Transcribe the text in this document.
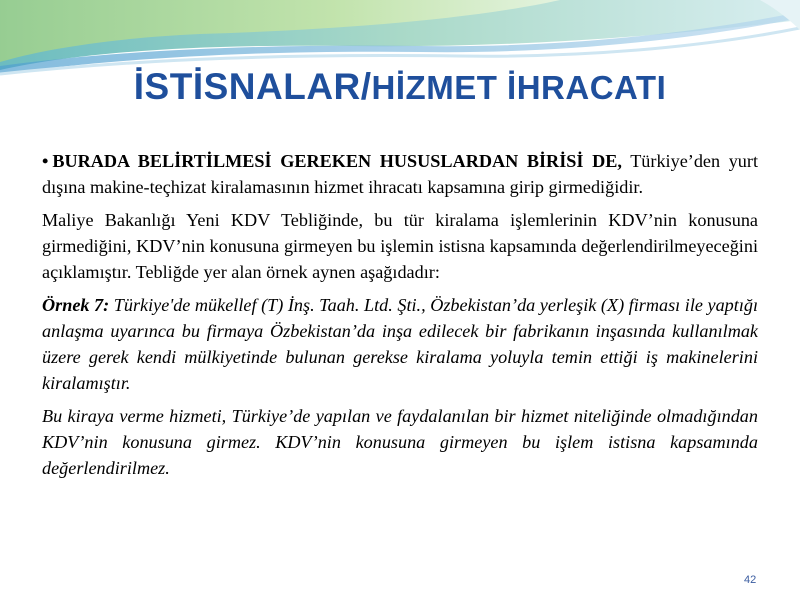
İSTİSNALAR/HİZMET İHRACATI

• BURADA BELİRTİLMESİ GEREKEN HUSUSLARDAN BİRİSİ DE, Türkiye’den yurt dışına makine-teçhizat kiralamasının hizmet ihracatı kapsamına girip girmediğidir.

Maliye Bakanlığı Yeni KDV Tebliğinde, bu tür kiralama işlemlerinin KDV’nin konusuna girmediğini, KDV’nin konusuna girmeyen bu işlemin istisna kapsamında değerlendirilmeyeceğini açıklamıştır. Tebliğde yer alan örnek aynen aşağıdadır:

Örnek 7: Türkiye'de mükellef (T) İnş. Taah. Ltd. Şti., Özbekistan’da yerleşik (X) firması ile yaptığı anlaşma uyarınca bu firmaya Özbekistan’da inşa edilecek bir fabrikanın inşasında kullanılmak üzere gerek kendi mülkiyetinde bulunan gerekse kiralama yoluyla temin ettiği iş makinelerini kiralamıştır.

Bu kiraya verme hizmeti, Türkiye’de yapılan ve faydalanılan bir hizmet niteliğinde olmadığından KDV’nin konusuna girmez. KDV’nin konusuna girmeyen bu işlem istisna kapsamında değerlendirilmez.

42
